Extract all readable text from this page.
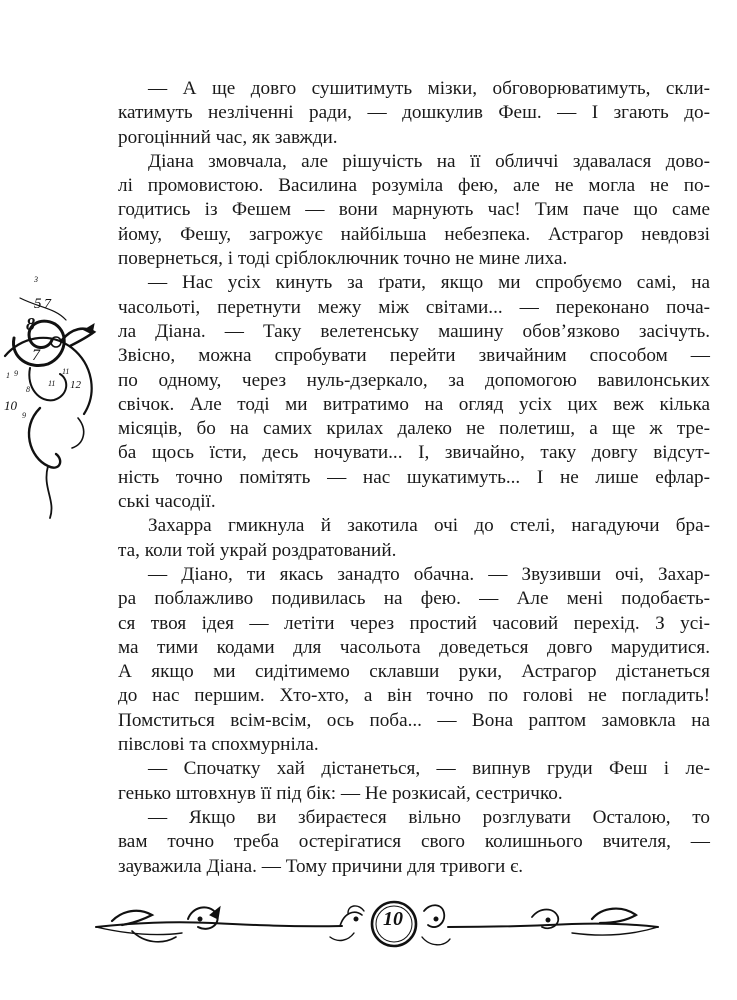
3
5 7
8
7
11
12
1 9
8
10
9
11
— А ще довго сушитимуть мізки, обговорюватимуть, скли-
катимуть незліченні ради, — дошкулив Феш. — І згають до-
рогоцінний час, як завжди.
Діана змовчала, але рішучість на її обличчі здавалася дово-
лі промовистою. Василина розуміла фею, але не могла не по-
годитись із Фешем — вони марнують час! Тим паче що саме
йому, Фешу, загрожує найбільша небезпека. Астрагор невдовзі
повернеться, і тоді сріблоключник точно не мине лиха.
— Нас усіх кинуть за ґрати, якщо ми спробуємо самі, на
часольоті, перетнути межу між світами... — переконано поча-
ла Діана. — Таку велетенську машину обов’язково засічуть.
Звісно, можна спробувати перейти звичайним способом —
по одному, через нуль-дзеркало, за допомогою вавилонських
свічок. Але тоді ми витратимо на огляд усіх цих веж кілька
місяців, бо на самих крилах далеко не полетиш, а ще ж тре-
ба щось їсти, десь ночувати... І, звичайно, таку довгу відсут-
ність точно помітять — нас шукатимуть... І не лише ефлар-
ські часодії.
Захарра гмикнула й закотила очі до стелі, нагадуючи бра-
та, коли той украй роздратований.
— Діано, ти якась занадто обачна. — Звузивши очі, Захар-
ра поблажливо подивилась на фею. — Але мені подобаєть-
ся твоя ідея — летіти через простий часовий перехід. З усі-
ма тими кодами для часольота доведеться довго марудитися.
А якщо ми сидітимемо склавши руки, Астрагор дістанеться
до нас першим. Хто-хто, а він точно по голові не погладить!
Помститься всім-всім, ось поба... — Вона раптом замовкла на
півслові та спохмурніла.
— Спочатку хай дістанеться, — випнув груди Феш і ле-
генько штовхнув її під бік: — Не розкисай, сестричко.
— Якщо ви збираєтеся вільно розглувати Осталою, то
вам точно треба остерігатися свого колишнього вчителя, —
зауважила Діана. — Тому причини для тривоги є.
10
